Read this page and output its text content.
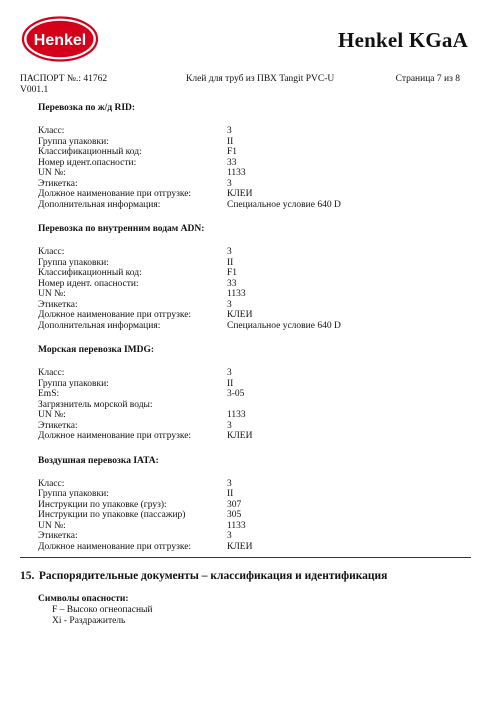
Henkel	Henkel KGaA
ПАСПОРТ №.: 41762	Клей для труб из ПВХ Tangit PVC-U	Страница 7 из 8
V001.1
Перевозка по ж/д RID:
Класс:	3
Группа упаковки:	II
Классификационный код:	F1
Номер идент.опасности:	33
UN №:	1133
Этикетка:	3
Должное наименование при отгрузке:	КЛЕИ
Дополнительная информация:	Специальное условие 640 D
Перевозка по внутренним водам ADN:
Класс:	3
Группа упаковки:	II
Классификационный код:	F1
Номер идент. опасности:	33
UN №:	1133
Этикетка:	3
Должное наименование при отгрузке:	КЛЕИ
Дополнительная информация:	Специальное условие 640 D
Морская перевозка IMDG:
Класс:	3
Группа упаковки:	II
EmS:	3-05
Загрязнитель морской воды:
UN №:	1133
Этикетка:	3
Должное наименование при отгрузке:	КЛЕИ
Воздушная перевозка IATA:
Класс:	3
Группа упаковки:	II
Инструкции по упаковке (груз):	307
Инструкции по упаковке (пассажир)	305
UN №:	1133
Этикетка:	3
Должное наименование при отгрузке:	КЛЕИ
15. Распорядительные документы – классификация и идентификация
Символы опасности:
F – Высоко огнеопасный
Xi - Раздражитель
